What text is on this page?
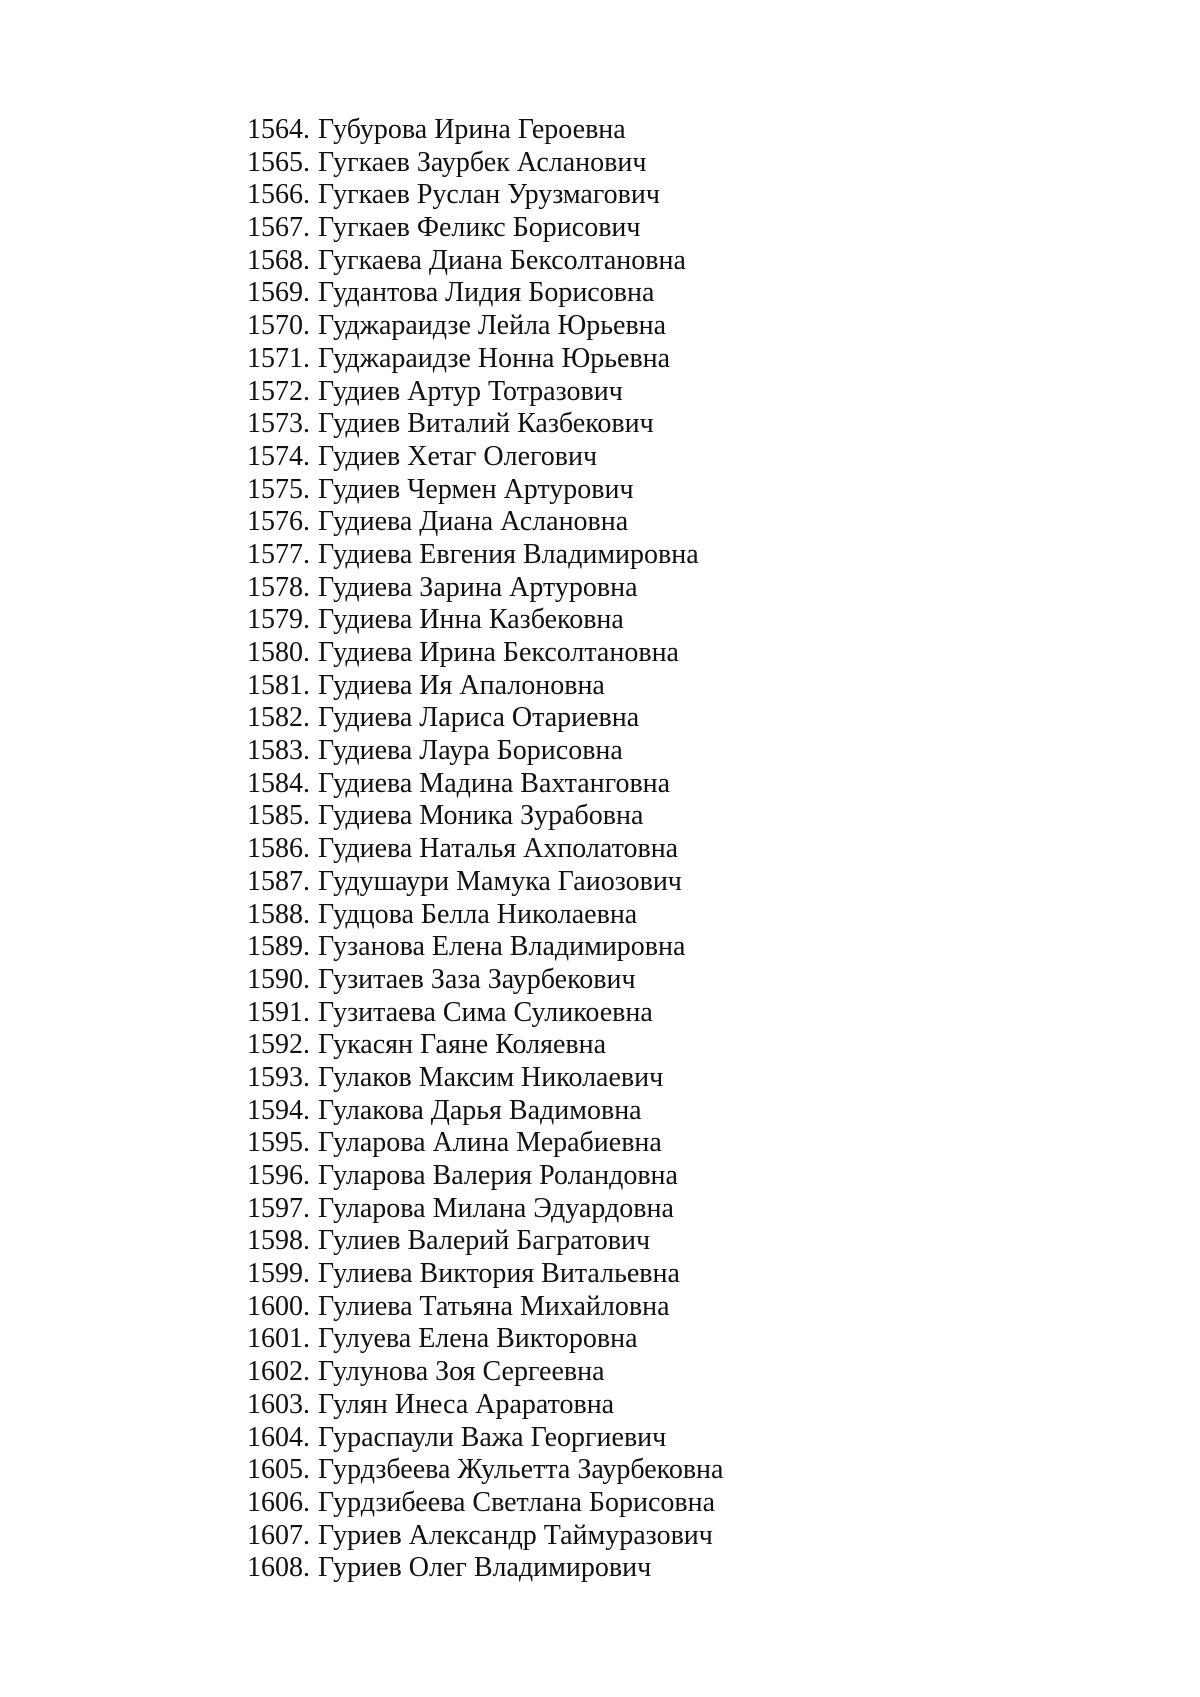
1564. Губурова Ирина Героевна
1565. Гугкаев Заурбек Асланович
1566. Гугкаев Руслан Урузмагович
1567. Гугкаев Феликс Борисович
1568. Гугкаева Диана Бексолтановна
1569. Гудантова Лидия Борисовна
1570. Гуджараидзе Лейла Юрьевна
1571. Гуджараидзе Нонна Юрьевна
1572. Гудиев Артур Тотразович
1573. Гудиев Виталий Казбекович
1574. Гудиев Хетаг Олегович
1575. Гудиев Чермен Артурович
1576. Гудиева Диана Аслановна
1577. Гудиева Евгения Владимировна
1578. Гудиева Зарина Артуровна
1579. Гудиева Инна Казбековна
1580. Гудиева Ирина Бексолтановна
1581. Гудиева Ия Апалоновна
1582. Гудиева Лариса Отариевна
1583. Гудиева Лаура Борисовна
1584. Гудиева Мадина Вахтанговна
1585. Гудиева Моника Зурабовна
1586. Гудиева Наталья Ахполатовна
1587. Гудушаури Мамука Гаиозович
1588. Гудцова Белла Николаевна
1589. Гузанова Елена Владимировна
1590. Гузитаев Заза Заурбекович
1591. Гузитаева Сима Суликоевна
1592. Гукасян Гаяне Коляевна
1593. Гулаков Максим Николаевич
1594. Гулакова Дарья Вадимовна
1595. Гуларова Алина Мерабиевна
1596. Гуларова Валерия Роландовна
1597. Гуларова Милана Эдуардовна
1598. Гулиев Валерий Багратович
1599. Гулиева Виктория Витальевна
1600. Гулиева Татьяна Михайловна
1601. Гулуева Елена Викторовна
1602. Гулунова Зоя Сергеевна
1603. Гулян Инеса Араратовна
1604. Гураспаули Важа Георгиевич
1605. Гурдзбеева Жульетта Заурбековна
1606. Гурдзибеева Светлана Борисовна
1607. Гуриев Александр Таймуразович
1608. Гуриев Олег Владимирович
